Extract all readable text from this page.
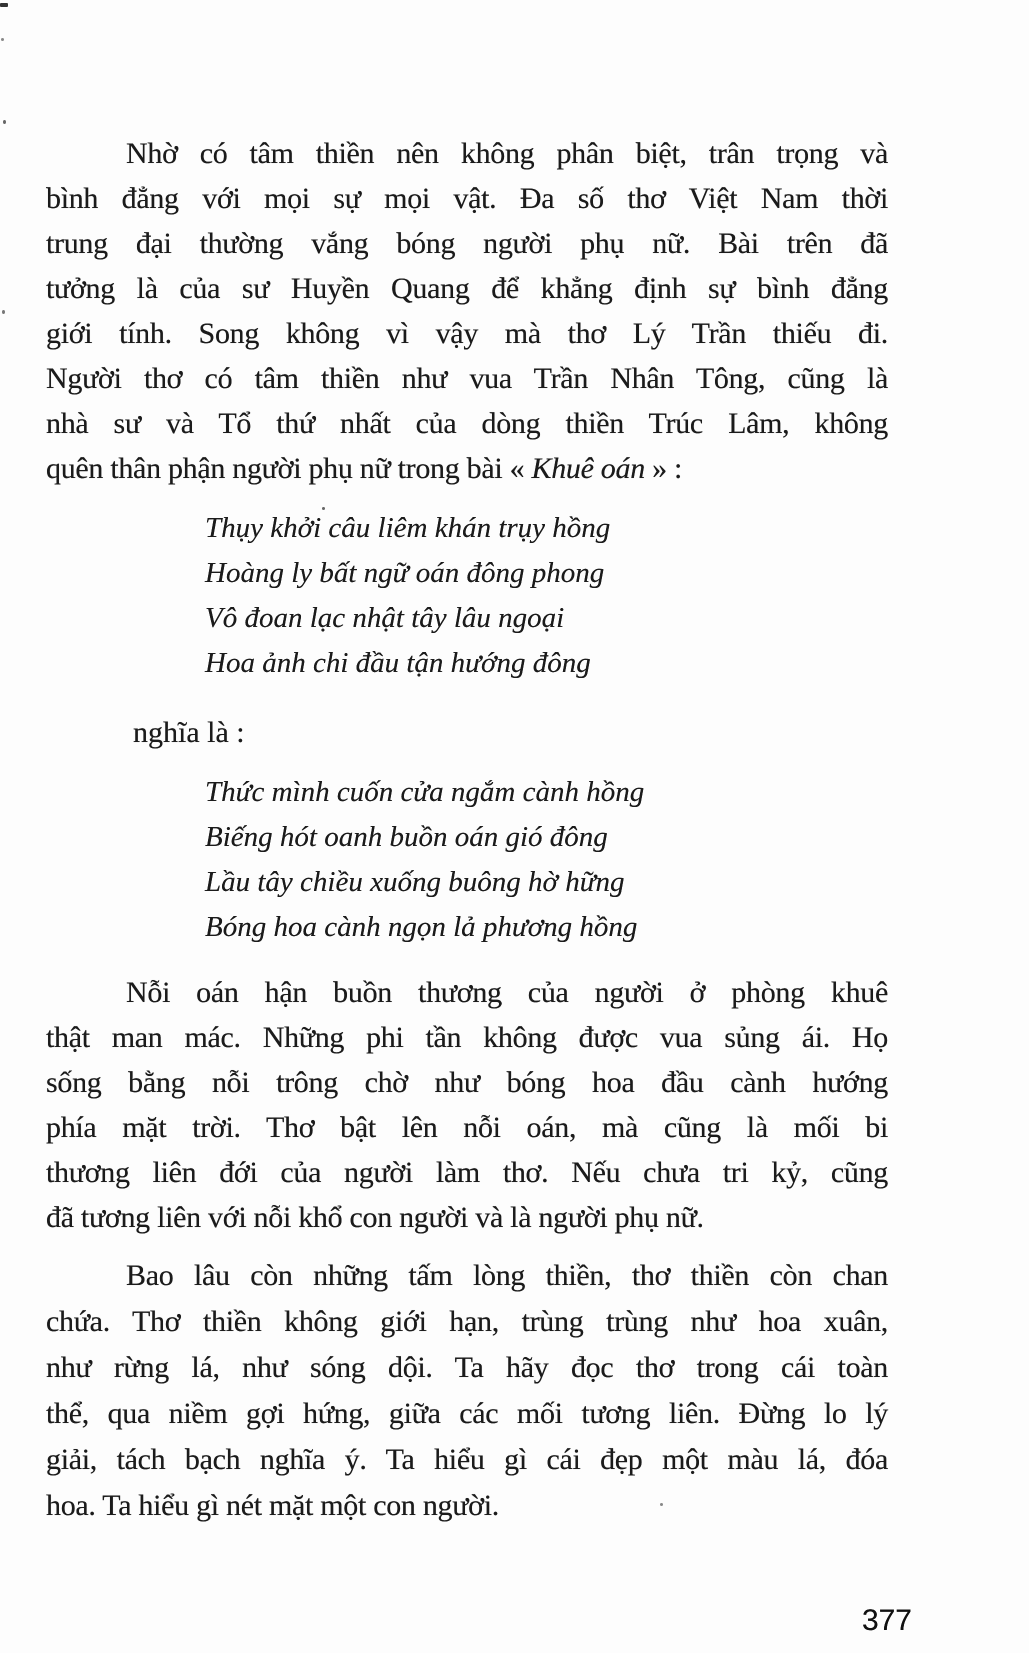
Nhờ có tâm thiền nên không phân biệt, trân trọng và
bình đẳng với mọi sự mọi vật. Đa số thơ Việt Nam thời
trung đại thường vắng bóng người phụ nữ. Bài trên đã
tưởng là của sư Huyền Quang để khẳng định sự bình đẳng
giới tính. Song không vì vậy mà thơ Lý Trần thiếu đi.
Người thơ có tâm thiền như vua Trần Nhân Tông, cũng là
nhà sư và Tổ thứ nhất của dòng thiền Trúc Lâm, không
quên thân phận người phụ nữ trong bài « Khuê oán » :
Thụy khởi câu liêm khán trụy hồng
Hoàng ly bất ngữ oán đông phong
Vô đoan lạc nhật tây lâu ngoại
Hoa ảnh chi đầu tận hướng đông
nghĩa là :
Thức mình cuốn cửa ngắm cành hồng
Biếng hót oanh buồn oán gió đông
Lầu tây chiều xuống buông hờ hững
Bóng hoa cành ngọn lả phương hồng
Nỗi oán hận buồn thương của người ở phòng khuê
thật man mác. Những phi tần không được vua sủng ái. Họ
sống bằng nỗi trông chờ như bóng hoa đầu cành hướng
phía mặt trời. Thơ bật lên nỗi oán, mà cũng là mối bi
thương liên đới của người làm thơ. Nếu chưa tri kỷ, cũng
đã tương liên với nỗi khổ con người và là người phụ nữ.
Bao lâu còn những tấm lòng thiền, thơ thiền còn chan
chứa. Thơ thiền không giới hạn, trùng trùng như hoa xuân,
như rừng lá, như sóng dội. Ta hãy đọc thơ trong cái toàn
thể, qua niềm gợi hứng, giữa các mối tương liên. Đừng lo lý
giải, tách bạch nghĩa ý. Ta hiểu gì cái đẹp một màu lá, đóa
hoa. Ta hiểu gì nét mặt một con người.
377
